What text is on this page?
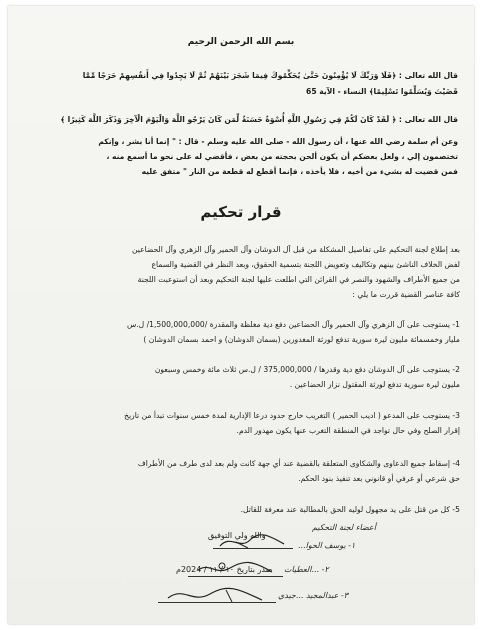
بسم الله الرحمن الرحيم
قال الله تعالى : ﴿فَلَا وَرَبِّكَ لَا يُؤْمِنُونَ حَتَّىٰ يُحَكِّمُوكَ فِيمَا شَجَرَ بَيْنَهُمْ ثُمَّ لَا يَجِدُوا فِي أَنفُسِهِمْ حَرَجًا مِّمَّا
قَضَيْتَ وَيُسَلِّمُوا تَسْلِيمًا﴾ النساء - الآية 65
قال الله تعالى : ﴿ لَقَدْ كَانَ لَكُمْ فِي رَسُولِ اللَّهِ أُسْوَةٌ حَسَنَةٌ لِّمَن كَانَ يَرْجُو اللَّهَ وَالْيَوْمَ الْآخِرَ وَذَكَرَ اللَّهَ كَثِيرًا ﴾
وعن أم سلمة رضي الله عنها ، أن رسول الله - صلى الله عليه وسلم - قال : " إنما أنا بشر ، وإنكم
تختصمون إلي ، ولعل بعضكم أن يكون ألحن بحجته من بعض ، فأقضي له على نحو ما أسمع منه ،
فمن قضيت له بشيء من أخيه ، فلا يأخذه ، فإنما أقطع له قطعة من النار " متفق عليه
قرار تحكيم
بعد إطلاع لجنة التحكيم على تفاصيل المشكلة من قبل آل الدوشان وآل الحمير وآل الزهري وآل الحضاعين
لفض الخلاف الناشئ بينهم وتكاليف وتعويض اللجنة بتسمية الحقوق، وبعد النظر في القضية والسماع
من جميع الأطراف والشهود والنصر في القرائن التي اطلعت عليها لجنة التحكيم وبعد أن استوعبت اللجنة
كافة عناصر القضية قررت ما يلي :
1- يستوجب على آل الزهري وآل الحمير وآل الحضاعين دفع دية مغلظة والمقدرة /1,500,000,000/ ل.س
مليار وخمسمائة مليون ليرة سورية تدفع لورثة المغدورين (بسمان الدوشان) و احمد بسمان الدوشان )
2- يستوجب على آل الدوشان دفع دية وقدرها / 375,000,000 / ل.س ثلاث مائة وخمس وسبعون
مليون ليرة سورية تدفع لورثة المقتول نزار الحضاعين .
3- يستوجب على المدعو ( اديب الحمير ) التغريب خارج حدود درعا الإدارية لمدة خمس سنوات تبدأ من تاريخ
إقرار الصلح وفي حال تواجد في المنطقة التغرب عنها يكون مهدور الدم.
4- إسقاط جميع الدعاوى والشكاوى المتعلقة بالقضية عند أي جهة كانت ولم بعد لدى طرف من الأطراف
حق شرعي أو عرفي أو قانوني بعد تنفيذ بنود الحكم.
5- كل من قتل على يد مجهول لوليه الحق بالمطالبة عند معرفة للقاتل.
والله ولي التوفيق
صدر بتاريخ ١٠ / ١١ / 2024م
أعضاء لجنة التحكيم
١- يوسف الحوا...
٢- ...العطيات
٣- عبدالمجيد ...جيدي
